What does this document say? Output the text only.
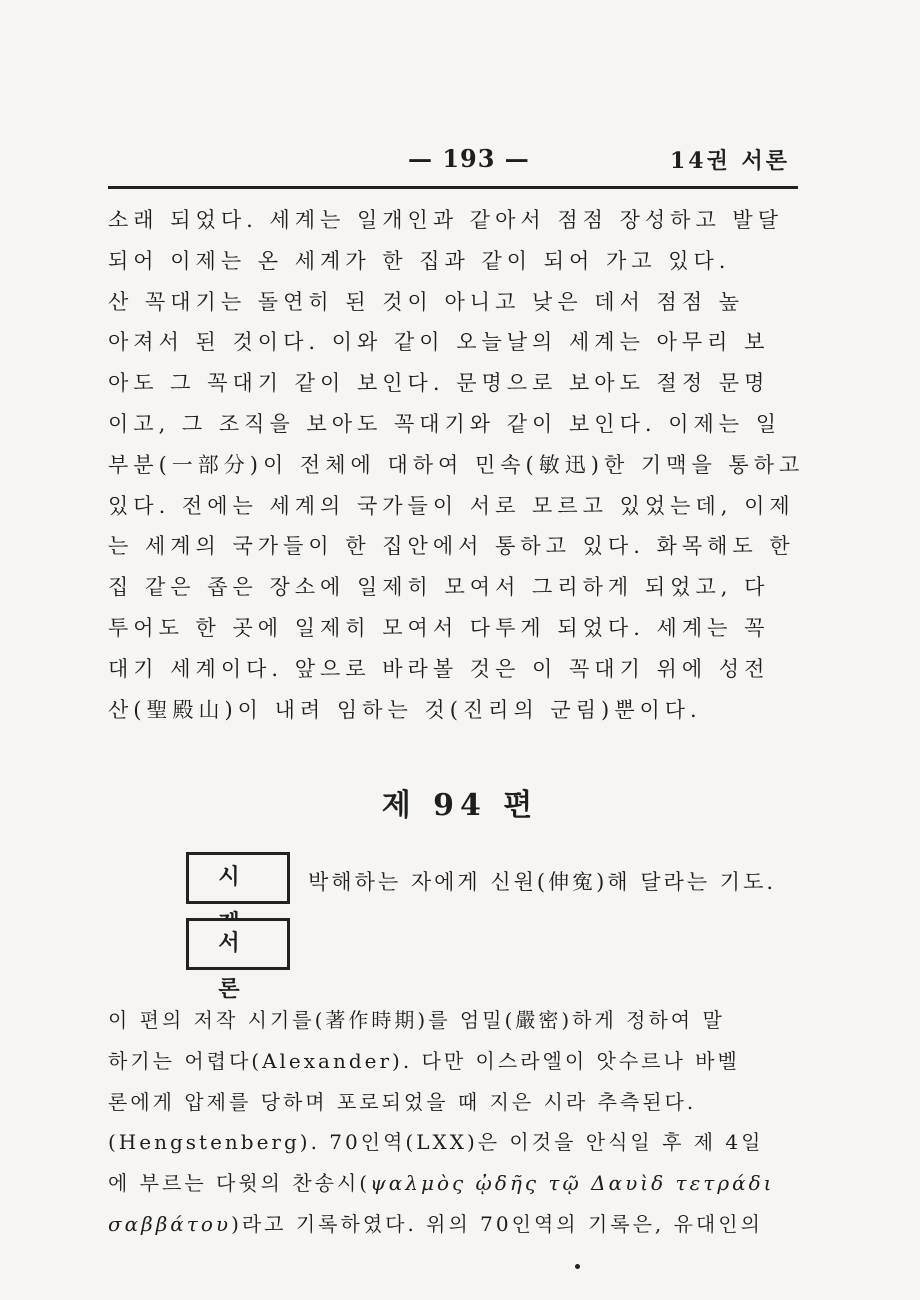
— 193 —	14권 서론
소래 되었다. 세계는 일개인과 같아서 점점 장성하고 발달
되어 이제는 온 세계가 한 집과 같이 되어 가고 있다.
산 꼭대기는 돌연히 된 것이 아니고 낮은 데서 점점 높
아져서 된 것이다. 이와 같이 오늘날의 세계는 아무리 보
아도 그 꼭대기 같이 보인다. 문명으로 보아도 절정 문명
이고, 그 조직을 보아도 꼭대기와 같이 보인다. 이제는 일
부분(一部分)이 전체에 대하여 민속(敏迅)한 기맥을 통하고
있다. 전에는 세계의 국가들이 서로 모르고 있었는데, 이제
는 세계의 국가들이 한 집안에서 통하고 있다. 화목해도 한
집 같은 좁은 장소에 일제히 모여서 그리하게 되었고, 다
투어도 한 곳에 일제히 모여서 다투게 되었다. 세계는 꼭
대기 세계이다. 앞으로 바라볼 것은 이 꼭대기 위에 성전
산(聖殿山)이 내려 임하는 것(진리의 군림)뿐이다.
제 94 편
시	박해하는 자에게 신원(伸寃)해 달라는 기도.
서 론
이 편의 저작 시기를(著作時期)를 엄밀(嚴密)하게 정하여 말
하기는 어렵다(Alexander). 다만 이스라엘이 앗수르나 바벨
론에게 압제를 당하며 포로되었을 때 지은 시라 추측된다.
(Hengstenberg). 70인역(LXX)은 이것을 안식일 후 제 4일
에 부르는 다윗의 찬송시(ψαλμὸς ᾠδῆς τῷ Δαυὶδ τετράδι
σαββάτου)라고 기록하였다. 위의 70인역의 기록은, 유대인의
